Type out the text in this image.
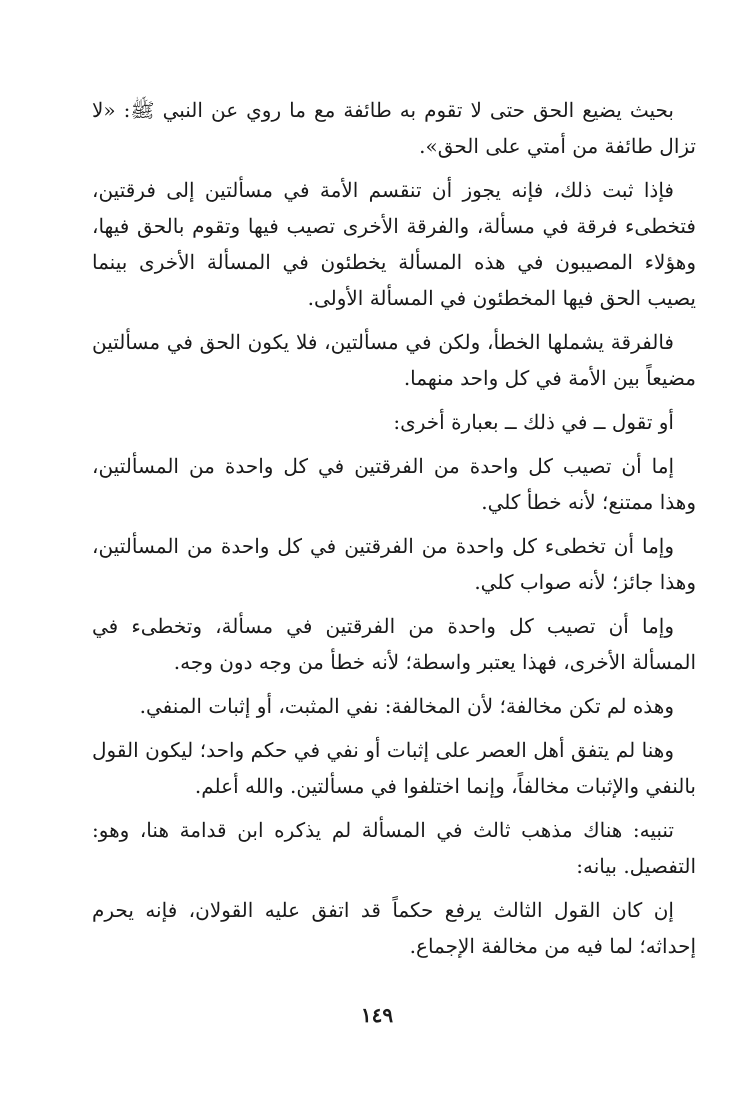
بحيث يضيع الحق حتى لا تقوم به طائفة مع ما روي عن النبي ﷺ: «لا تزال طائفة من أمتي على الحق».

فإذا ثبت ذلك، فإنه يجوز أن تنقسم الأمة في مسألتين إلى فرقتين، فتخطىء فرقة في مسألة، والفرقة الأخرى تصيب فيها وتقوم بالحق فيها، وهؤلاء المصيبون في هذه المسألة يخطئون في المسألة الأخرى بينما يصيب الحق فيها المخطئون في المسألة الأولى.

فالفرقة يشملها الخطأ، ولكن في مسألتين، فلا يكون الحق في مسألتين مضيعاً بين الأمة في كل واحد منهما.

أو تقول ــ في ذلك ــ بعبارة أخرى:

إما أن تصيب كل واحدة من الفرقتين في كل واحدة من المسألتين، وهذا ممتنع؛ لأنه خطأ كلي.

وإما أن تخطىء كل واحدة من الفرقتين في كل واحدة من المسألتين، وهذا جائز؛ لأنه صواب كلي.

وإما أن تصيب كل واحدة من الفرقتين في مسألة، وتخطىء في المسألة الأخرى، فهذا يعتبر واسطة؛ لأنه خطأ من وجه دون وجه.

وهذه لم تكن مخالفة؛ لأن المخالفة: نفي المثبت، أو إثبات المنفي.

وهنا لم يتفق أهل العصر على إثبات أو نفي في حكم واحد؛ ليكون القول بالنفي والإثبات مخالفاً، وإنما اختلفوا في مسألتين. والله أعلم.

تنبيه: هناك مذهب ثالث في المسألة لم يذكره ابن قدامة هنا، وهو: التفصيل. بيانه:

إن كان القول الثالث يرفع حكماً قد اتفق عليه القولان، فإنه يحرم إحداثه؛ لما فيه من مخالفة الإجماع.

١٤٩
